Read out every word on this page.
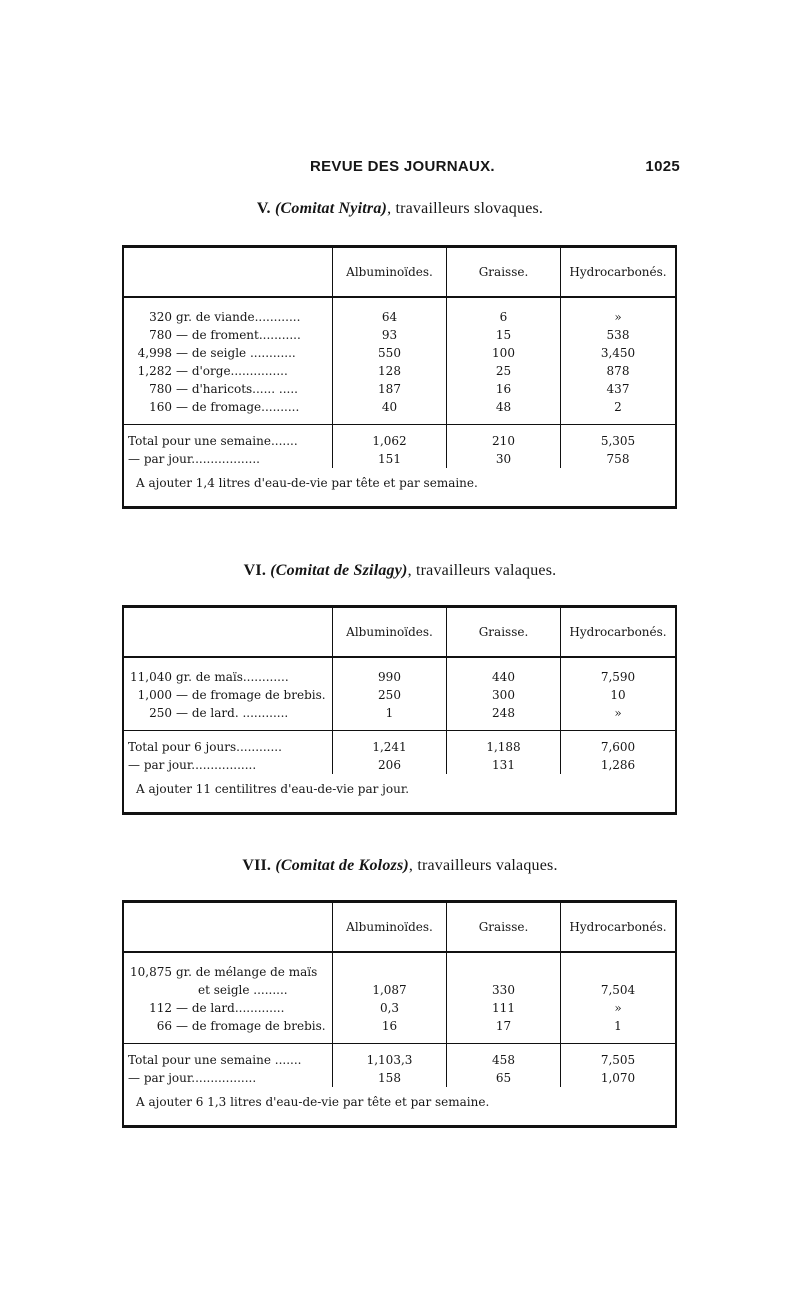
REVUE DES JOURNAUX.	1025
V. (Comitat Nyitra), travailleurs slovaques.
	Albuminoïdes.	Graisse.	Hydrocarbonés.
320 gr. de viande............	64	6	»
780 — de froment...........	93	15	538
4,998 — de seigle ............	550	100	3,450
1,282 — d'orge...............	128	25	878
780 — d'haricots...... .....	187	16	437
160 — de fromage..........	40	48	2
Total pour une semaine.......	1,062	210	5,305
— par jour..................	151	30	758
A ajouter 1,4 litres d'eau-de-vie par tête et par semaine.			
VI. (Comitat de Szilagy), travailleurs valaques.
	Albuminoïdes.	Graisse.	Hydrocarbonés.
11,040 gr. de maïs............	990	440	7,590
1,000 — de fromage de brebis.	250	300	10
250 — de lard. ............	1	248	»
Total pour 6 jours............	1,241	1,188	7,600
— par jour.................	206	131	1,286
A ajouter 11 centilitres d'eau-de-vie par jour.			
VII. (Comitat de Kolozs), travailleurs valaques.
	Albuminoïdes.	Graisse.	Hydrocarbonés.
10,875 gr. de mélange de maïs
et seigle .........	1,087	330	7,504
112 — de lard.............	0,3	111	»
66 — de fromage de brebis.	16	17	1
Total pour une semaine .......	1,103,3	458	7,505
— par jour.................	158	65	1,070
A ajouter 6 1,3 litres d'eau-de-vie par tête et par semaine.			
